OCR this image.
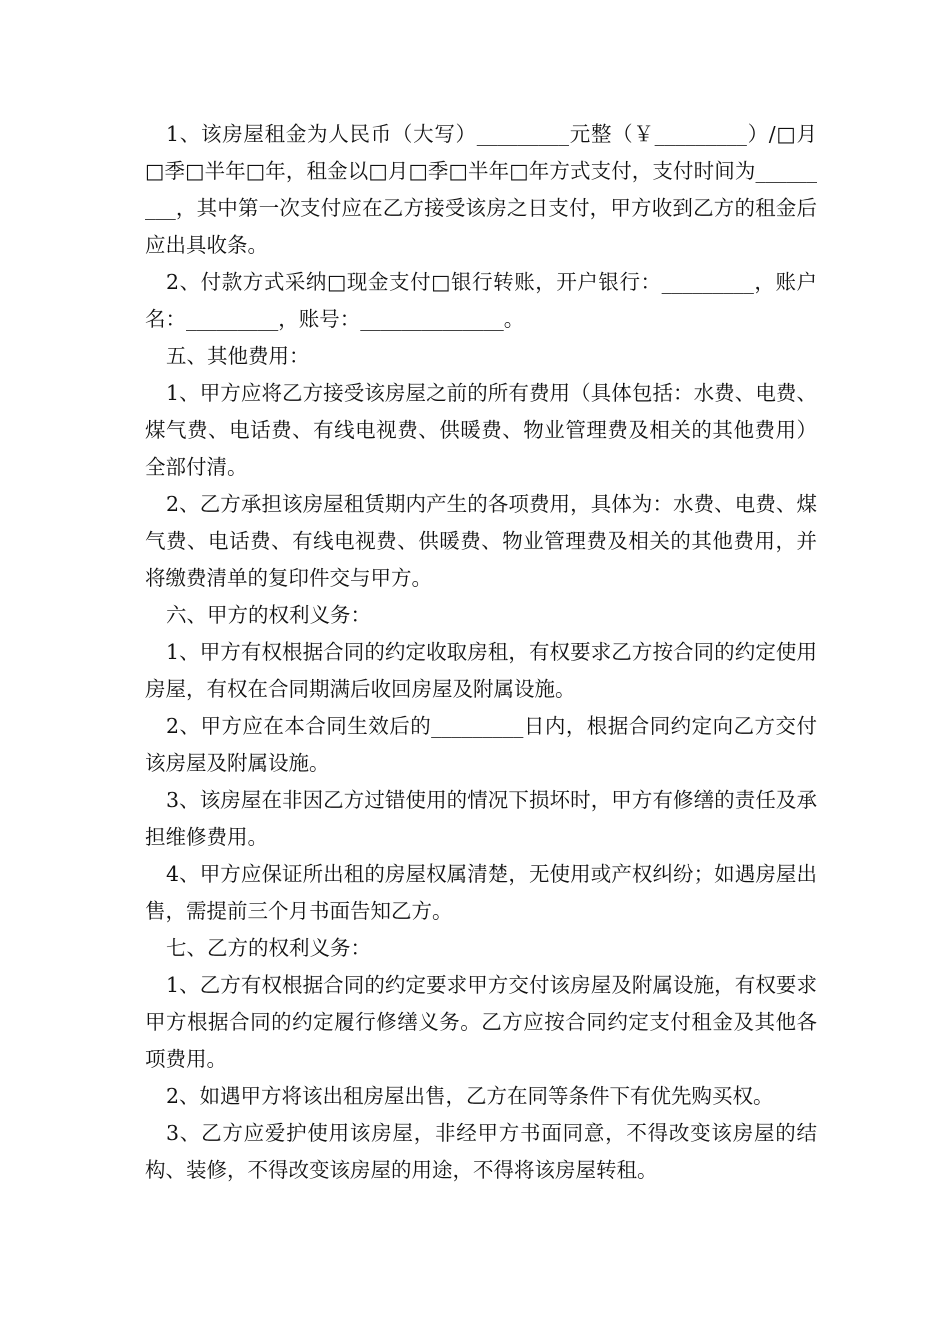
1、该房屋租金为人民币（大写）_________元整（￥_________）/□月□季□半年□年，租金以□月□季□半年□年方式支付，支付时间为_________，其中第一次支付应在乙方接受该房之日支付，甲方收到乙方的租金后应出具收条。

2、付款方式采纳□现金支付□银行转账，开户银行：_________，账户名：_________，账号：______________。

五、其他费用：

1、甲方应将乙方接受该房屋之前的所有费用（具体包括：水费、电费、煤气费、电话费、有线电视费、供暖费、物业管理费及相关的其他费用）全部付清。

2、乙方承担该房屋租赁期内产生的各项费用，具体为：水费、电费、煤气费、电话费、有线电视费、供暖费、物业管理费及相关的其他费用，并将缴费清单的复印件交与甲方。

六、甲方的权利义务：

1、甲方有权根据合同的约定收取房租，有权要求乙方按合同的约定使用房屋，有权在合同期满后收回房屋及附属设施。

2、甲方应在本合同生效后的_________日内，根据合同约定向乙方交付该房屋及附属设施。

3、该房屋在非因乙方过错使用的情况下损坏时，甲方有修缮的责任及承担维修费用。

4、甲方应保证所出租的房屋权属清楚，无使用或产权纠纷；如遇房屋出售，需提前三个月书面告知乙方。

七、乙方的权利义务：

1、乙方有权根据合同的约定要求甲方交付该房屋及附属设施，有权要求甲方根据合同的约定履行修缮义务。乙方应按合同约定支付租金及其他各项费用。

2、如遇甲方将该出租房屋出售，乙方在同等条件下有优先购买权。

3、乙方应爱护使用该房屋，非经甲方书面同意，不得改变该房屋的结构、装修，不得改变该房屋的用途，不得将该房屋转租。
